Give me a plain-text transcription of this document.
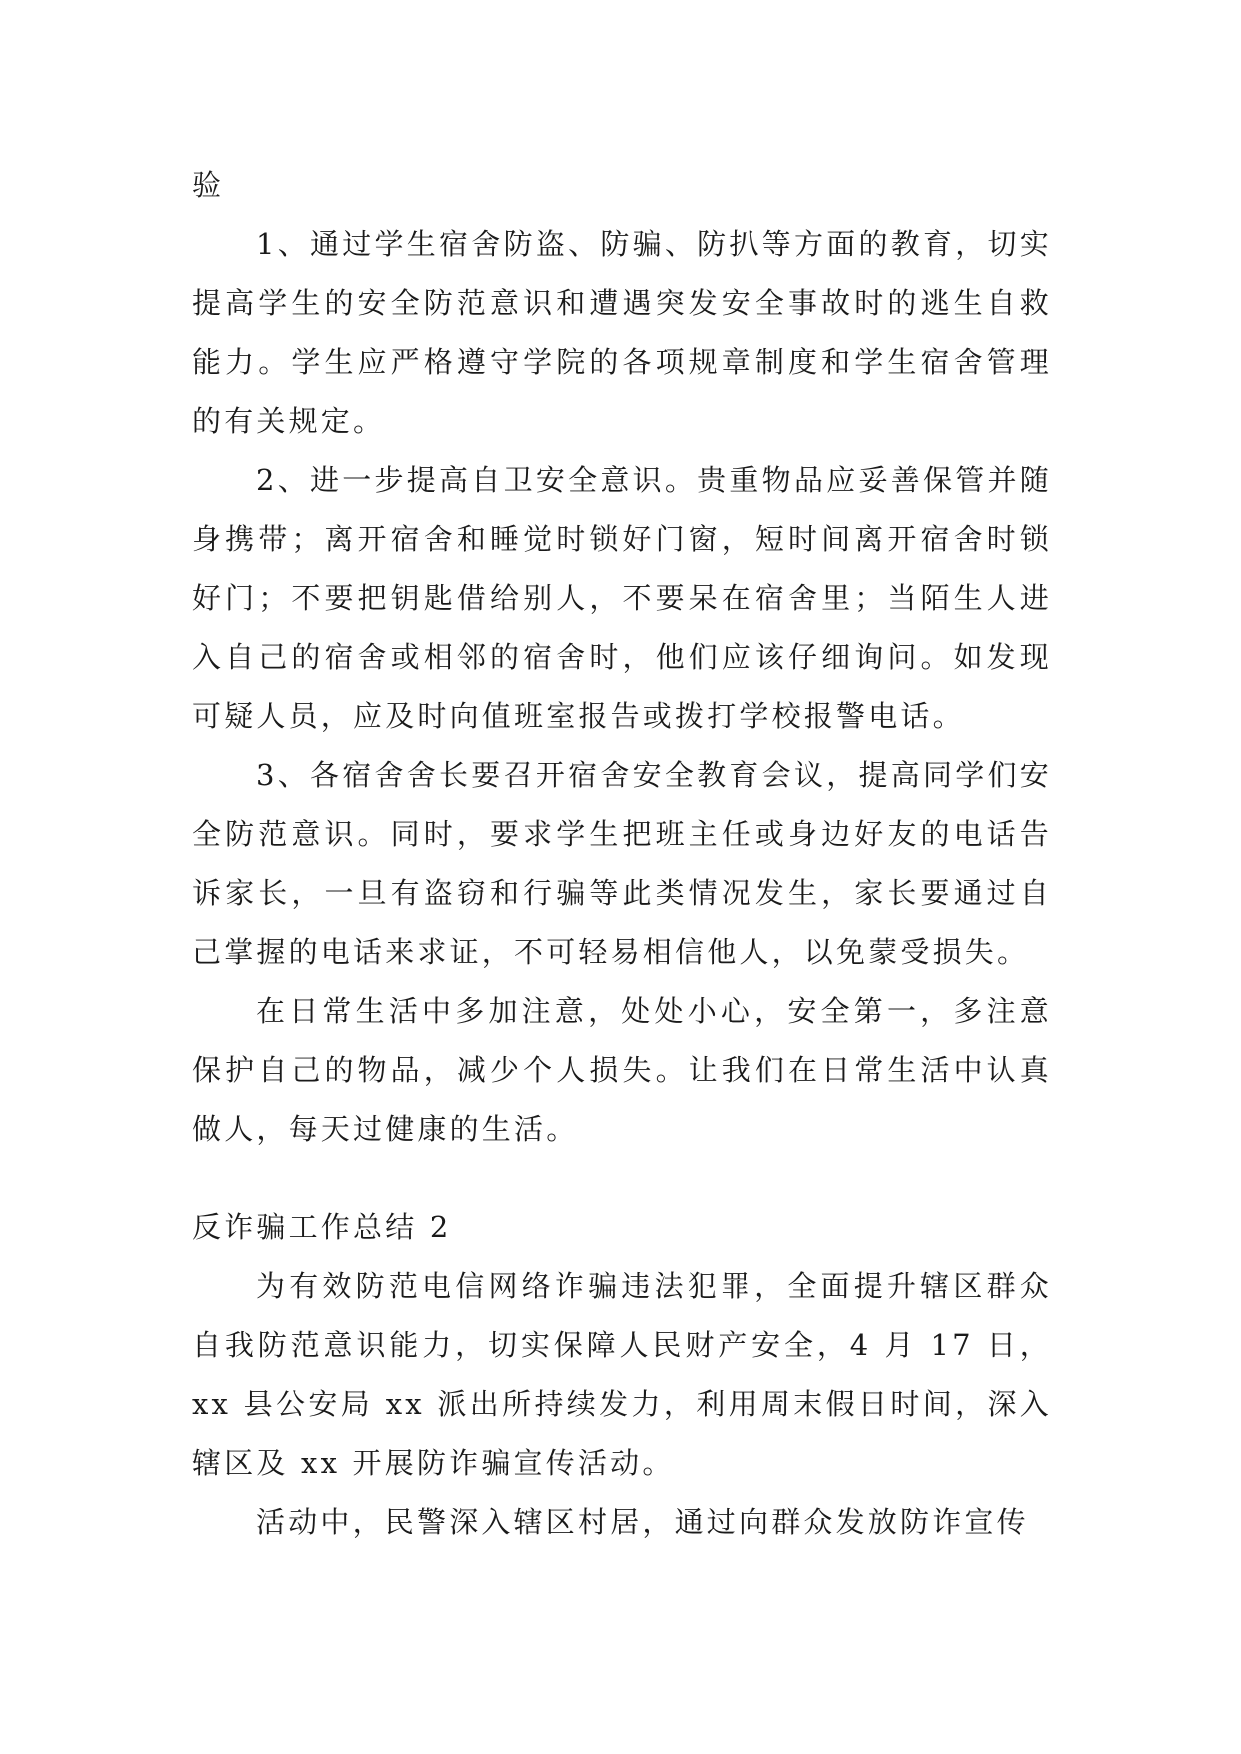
验

1、通过学生宿舍防盗、防骗、防扒等方面的教育，切实提高学生的安全防范意识和遭遇突发安全事故时的逃生自救能力。学生应严格遵守学院的各项规章制度和学生宿舍管理的有关规定。

2、进一步提高自卫安全意识。贵重物品应妥善保管并随身携带；离开宿舍和睡觉时锁好门窗，短时间离开宿舍时锁好门；不要把钥匙借给别人，不要呆在宿舍里；当陌生人进入自己的宿舍或相邻的宿舍时，他们应该仔细询问。如发现可疑人员，应及时向值班室报告或拨打学校报警电话。

3、各宿舍舍长要召开宿舍安全教育会议，提高同学们安全防范意识。同时，要求学生把班主任或身边好友的电话告诉家长，一旦有盗窃和行骗等此类情况发生，家长要通过自己掌握的电话来求证，不可轻易相信他人，以免蒙受损失。

在日常生活中多加注意，处处小心，安全第一，多注意保护自己的物品，减少个人损失。让我们在日常生活中认真做人，每天过健康的生活。

反诈骗工作总结 2

为有效防范电信网络诈骗违法犯罪，全面提升辖区群众自我防范意识能力，切实保障人民财产安全，4 月 17 日，xx 县公安局 xx 派出所持续发力，利用周末假日时间，深入辖区及 xx 开展防诈骗宣传活动。

活动中，民警深入辖区村居，通过向群众发放防诈宣传
